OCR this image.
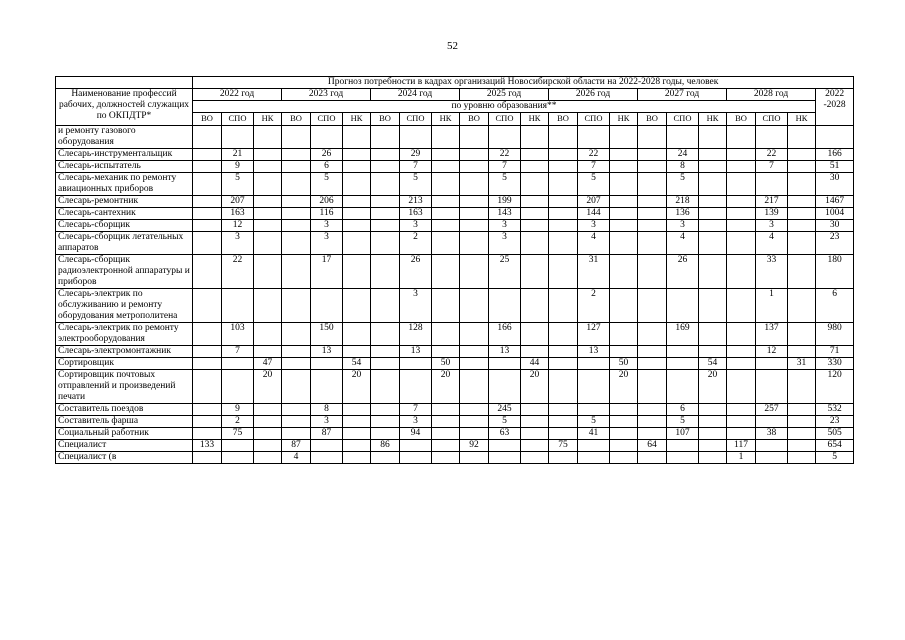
52
	Прогноз потребности в кадрах организаций Новосибирской области на 2022-2028 годы, человек																					
Наименование профессий рабочих, должностей служащих по ОКПДТР*	2022 год			2023 год			2024 год			2025 год			2026 год			2027 год			2028 год			2022 -2028
	по уровню образования**																					
	ВО	СПО	НК	ВО	СПО	НК	ВО	СПО	НК	ВО	СПО	НК	ВО	СПО	НК	ВО	СПО	НК	ВО	СПО	НК	
и ремонту газового оборудования																						
Слесарь-инструментальщик		21			26			29			22			22			24			22		166
Слесарь-испытатель		9			6			7			7			7			8			7		51
Слесарь-механик по ремонту авиационных приборов		5			5			5			5			5			5					30
Слесарь-ремонтник		207			206			213			199			207			218			217		1467
Слесарь-сантехник		163			116			163			143			144			136			139		1004
Слесарь-сборщик		12			3			3			3			3			3			3		30
Слесарь-сборщик летательных аппаратов		3			3			2			3			4			4			4		23
Слесарь-сборщик радиоэлектронной аппаратуры и приборов		22			17			26			25			31			26			33		180
Слесарь-электрик по обслуживанию и ремонту оборудования метрополитена								3						2						1		6
Слесарь-электрик по ремонту электрооборудования		103			150			128			166			127			169			137		980
Слесарь-электромонтажник		7			13			13			13			13						12		71
Сортировщик			47			54			50			44			50			54			31	330
Сортировщик почтовых отправлений и произведений печати			20			20			20			20			20			20				120
Составитель поездов		9			8			7			245						6			257		532
Составитель фарша		2			3			3			5			5			5					23
Социальный работник		75			87			94			63			41			107			38		505
Специалист	133			87			86			92			75			64			117			654
Специалист (в				4															1			5
